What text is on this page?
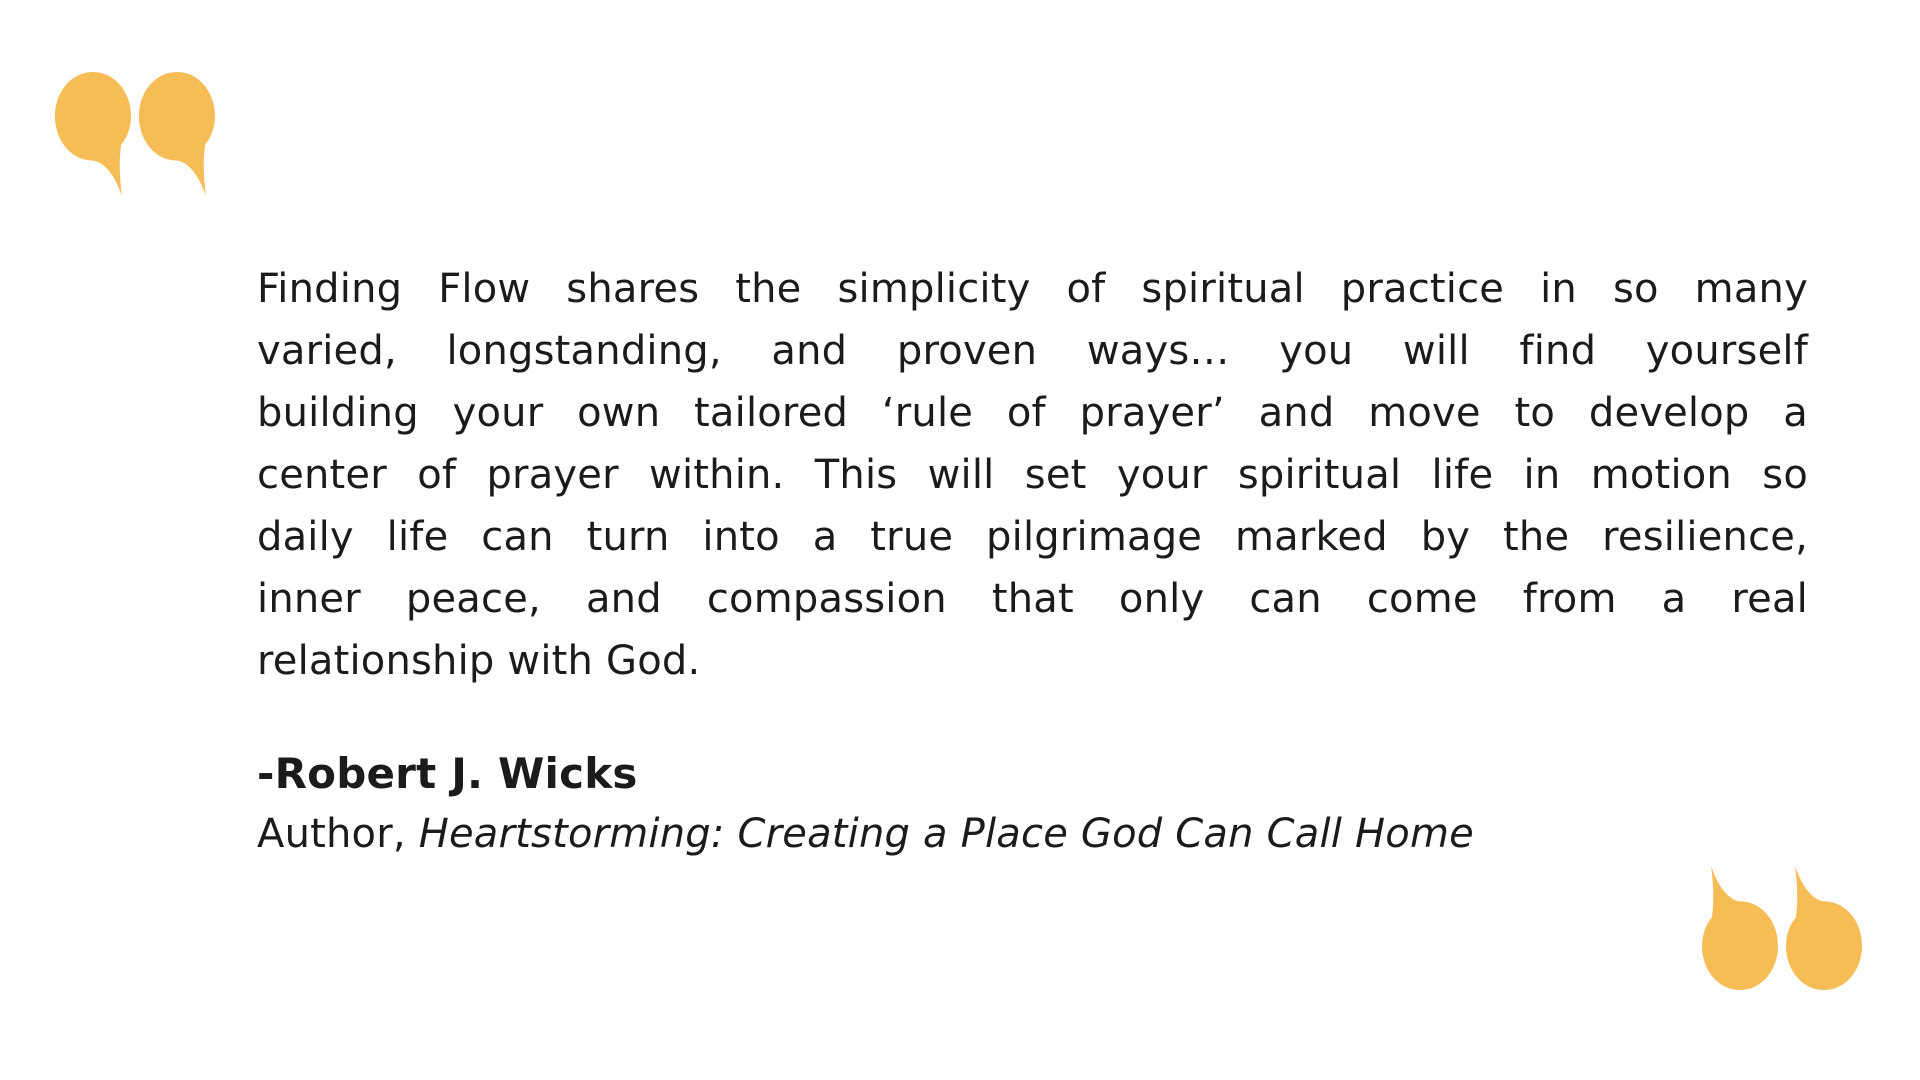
Finding Flow shares the simplicity of spiritual practice in so many
varied, longstanding, and proven ways… you will find yourself
building your own tailored ‘rule of prayer’ and move to develop a
center of prayer within. This will set your spiritual life in motion so
daily life can turn into a true pilgrimage marked by the resilience,
inner peace, and compassion that only can come from a real
relationship with God.
-Robert J. Wicks
Author, Heartstorming: Creating a Place God Can Call Home
